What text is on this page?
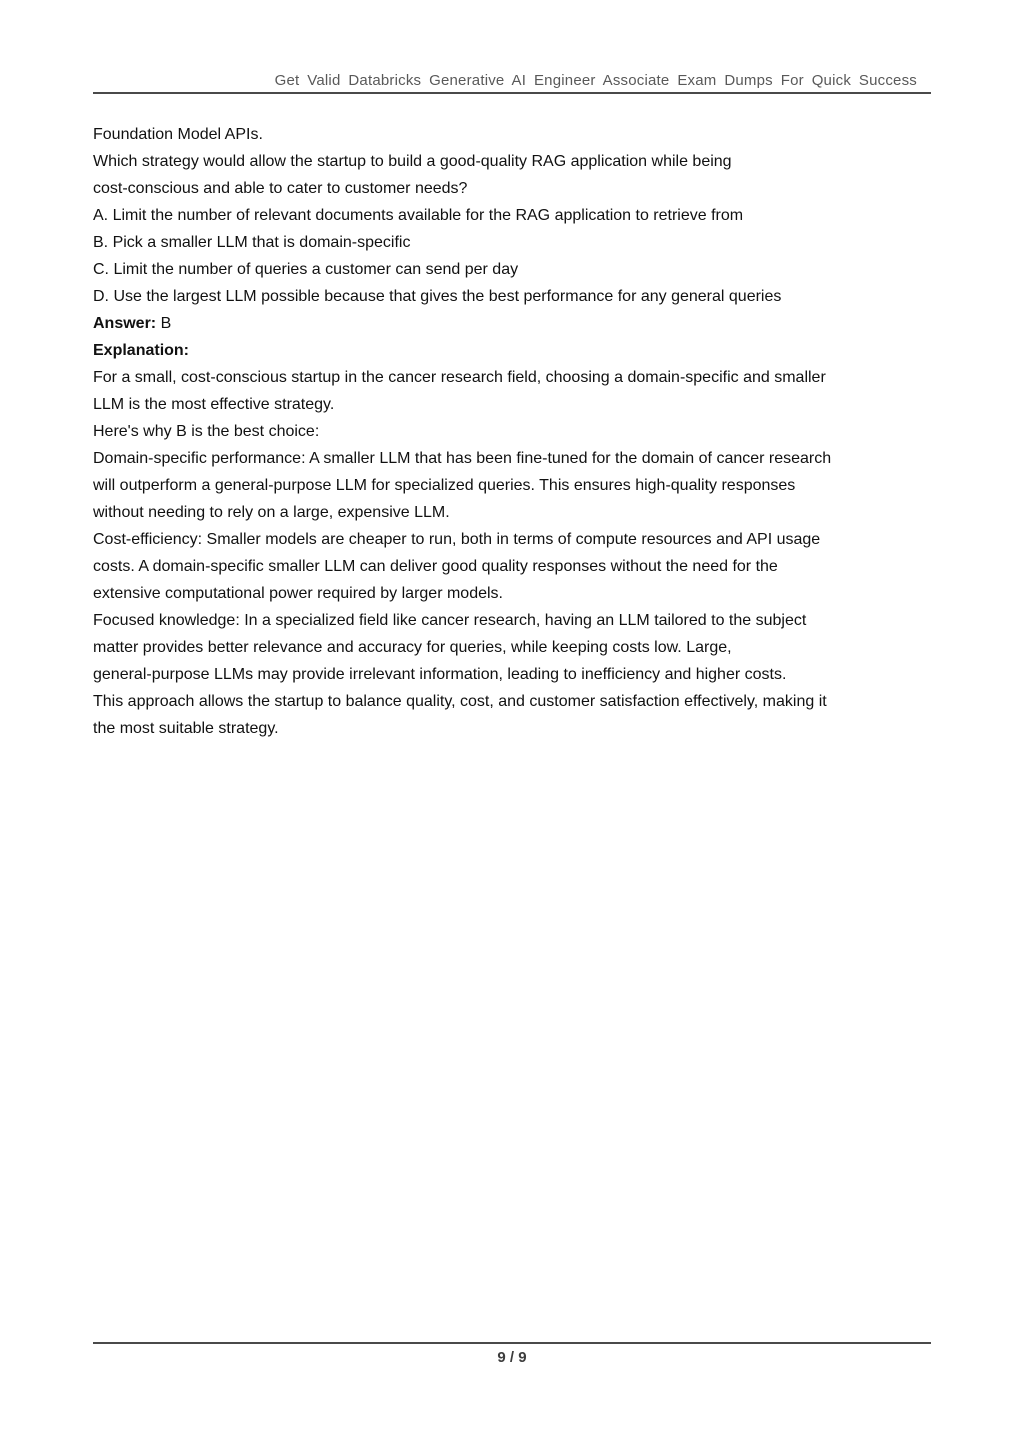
Get Valid Databricks Generative AI Engineer Associate Exam Dumps For Quick Success
Foundation Model APIs.
Which strategy would allow the startup to build a good-quality RAG application while being
cost-conscious and able to cater to customer needs?
A. Limit the number of relevant documents available for the RAG application to retrieve from
B. Pick a smaller LLM that is domain-specific
C. Limit the number of queries a customer can send per day
D. Use the largest LLM possible because that gives the best performance for any general queries
Answer: B
Explanation:
For a small, cost-conscious startup in the cancer research field, choosing a domain-specific and smaller
LLM is the most effective strategy.
Here's why B is the best choice:
Domain-specific performance: A smaller LLM that has been fine-tuned for the domain of cancer research
will outperform a general-purpose LLM for specialized queries. This ensures high-quality responses
without needing to rely on a large, expensive LLM.
Cost-efficiency: Smaller models are cheaper to run, both in terms of compute resources and API usage
costs. A domain-specific smaller LLM can deliver good quality responses without the need for the
extensive computational power required by larger models.
Focused knowledge: In a specialized field like cancer research, having an LLM tailored to the subject
matter provides better relevance and accuracy for queries, while keeping costs low. Large,
general-purpose LLMs may provide irrelevant information, leading to inefficiency and higher costs.
This approach allows the startup to balance quality, cost, and customer satisfaction effectively, making it
the most suitable strategy.
9 / 9
